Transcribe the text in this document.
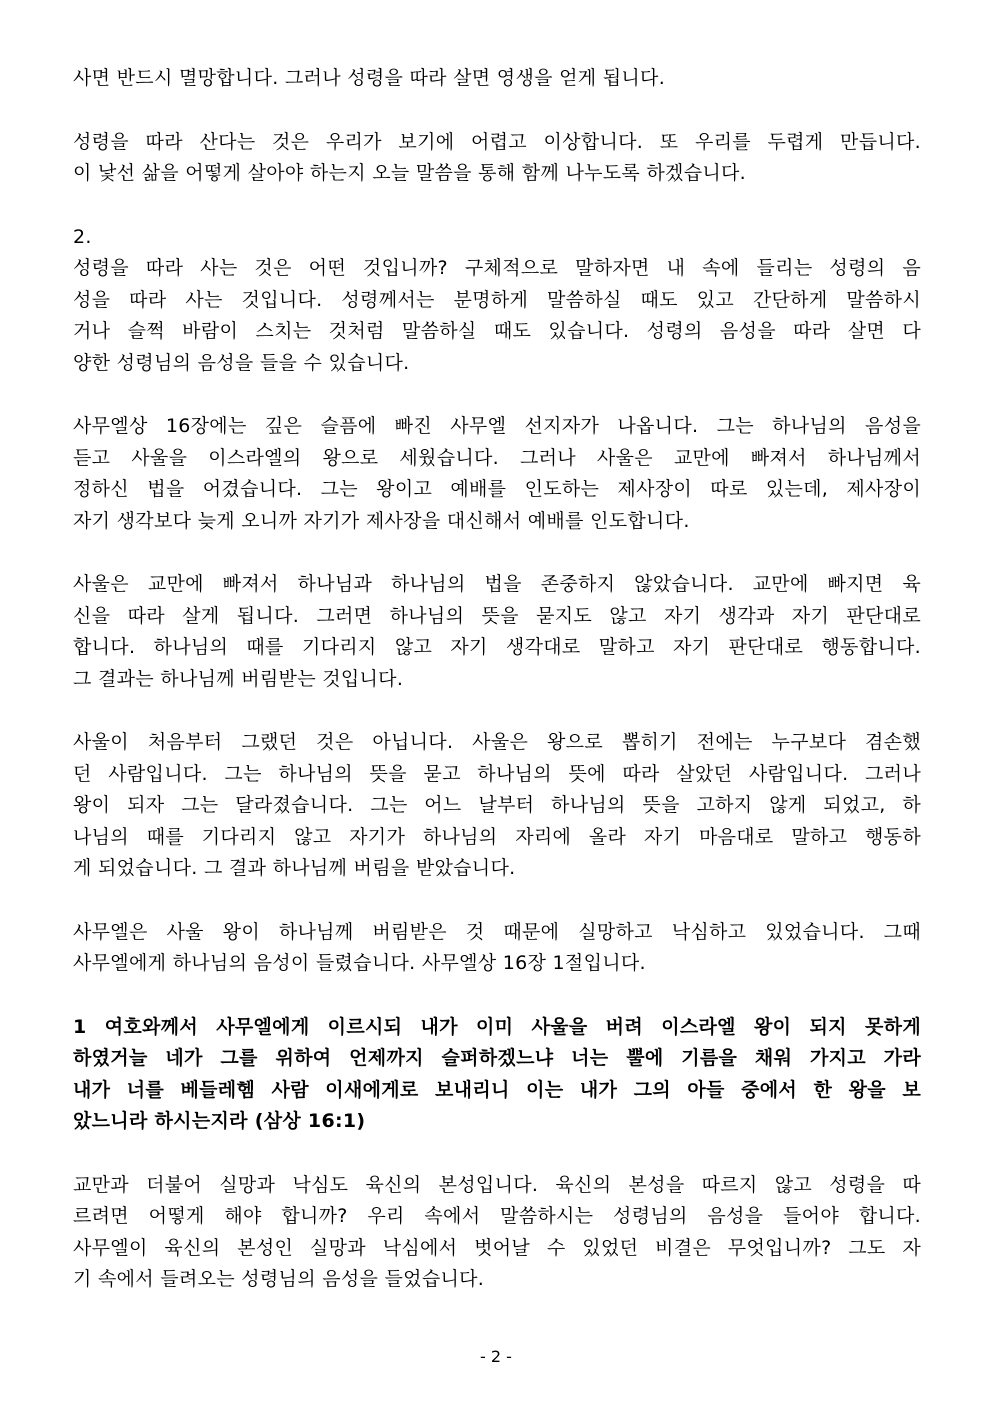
사면 반드시 멸망합니다. 그러나 성령을 따라 살면 영생을 얻게 됩니다.
성령을 따라 산다는 것은 우리가 보기에 어렵고 이상합니다. 또 우리를 두렵게 만듭니다.
이 낯선 삶을 어떻게 살아야 하는지 오늘 말씀을 통해 함께 나누도록 하겠습니다.
2.
성령을 따라 사는 것은 어떤 것입니까? 구체적으로 말하자면 내 속에 들리는 성령의 음
성을 따라 사는 것입니다. 성령께서는 분명하게 말씀하실 때도 있고 간단하게 말씀하시
거나 슬쩍 바람이 스치는 것처럼 말씀하실 때도 있습니다. 성령의 음성을 따라 살면 다
양한 성령님의 음성을 들을 수 있습니다.
사무엘상 16장에는 깊은 슬픔에 빠진 사무엘 선지자가 나옵니다. 그는 하나님의 음성을
듣고 사울을 이스라엘의 왕으로 세웠습니다. 그러나 사울은 교만에 빠져서 하나님께서
정하신 법을 어겼습니다. 그는 왕이고 예배를 인도하는 제사장이 따로 있는데, 제사장이
자기 생각보다 늦게 오니까 자기가 제사장을 대신해서 예배를 인도합니다.
사울은 교만에 빠져서 하나님과 하나님의 법을 존중하지 않았습니다. 교만에 빠지면 육
신을 따라 살게 됩니다. 그러면 하나님의 뜻을 묻지도 않고 자기 생각과 자기 판단대로
합니다. 하나님의 때를 기다리지 않고 자기 생각대로 말하고 자기 판단대로 행동합니다.
그 결과는 하나님께 버림받는 것입니다.
사울이 처음부터 그랬던 것은 아닙니다. 사울은 왕으로 뽑히기 전에는 누구보다 겸손했
던 사람입니다. 그는 하나님의 뜻을 묻고 하나님의 뜻에 따라 살았던 사람입니다. 그러나
왕이 되자 그는 달라졌습니다. 그는 어느 날부터 하나님의 뜻을 고하지 않게 되었고, 하
나님의 때를 기다리지 않고 자기가 하나님의 자리에 올라 자기 마음대로 말하고 행동하
게 되었습니다. 그 결과 하나님께 버림을 받았습니다.
사무엘은 사울 왕이 하나님께 버림받은 것 때문에 실망하고 낙심하고 있었습니다. 그때
사무엘에게 하나님의 음성이 들렸습니다. 사무엘상 16장 1절입니다.
1 여호와께서 사무엘에게 이르시되 내가 이미 사울을 버려 이스라엘 왕이 되지 못하게
하였거늘 네가 그를 위하여 언제까지 슬퍼하겠느냐 너는 뿔에 기름을 채워 가지고 가라
내가 너를 베들레헴 사람 이새에게로 보내리니 이는 내가 그의 아들 중에서 한 왕을 보
았느니라 하시는지라 (삼상 16:1)
교만과 더불어 실망과 낙심도 육신의 본성입니다. 육신의 본성을 따르지 않고 성령을 따
르려면 어떻게 해야 합니까? 우리 속에서 말씀하시는 성령님의 음성을 들어야 합니다.
사무엘이 육신의 본성인 실망과 낙심에서 벗어날 수 있었던 비결은 무엇입니까? 그도 자
기 속에서 들려오는 성령님의 음성을 들었습니다.
- 2 -
